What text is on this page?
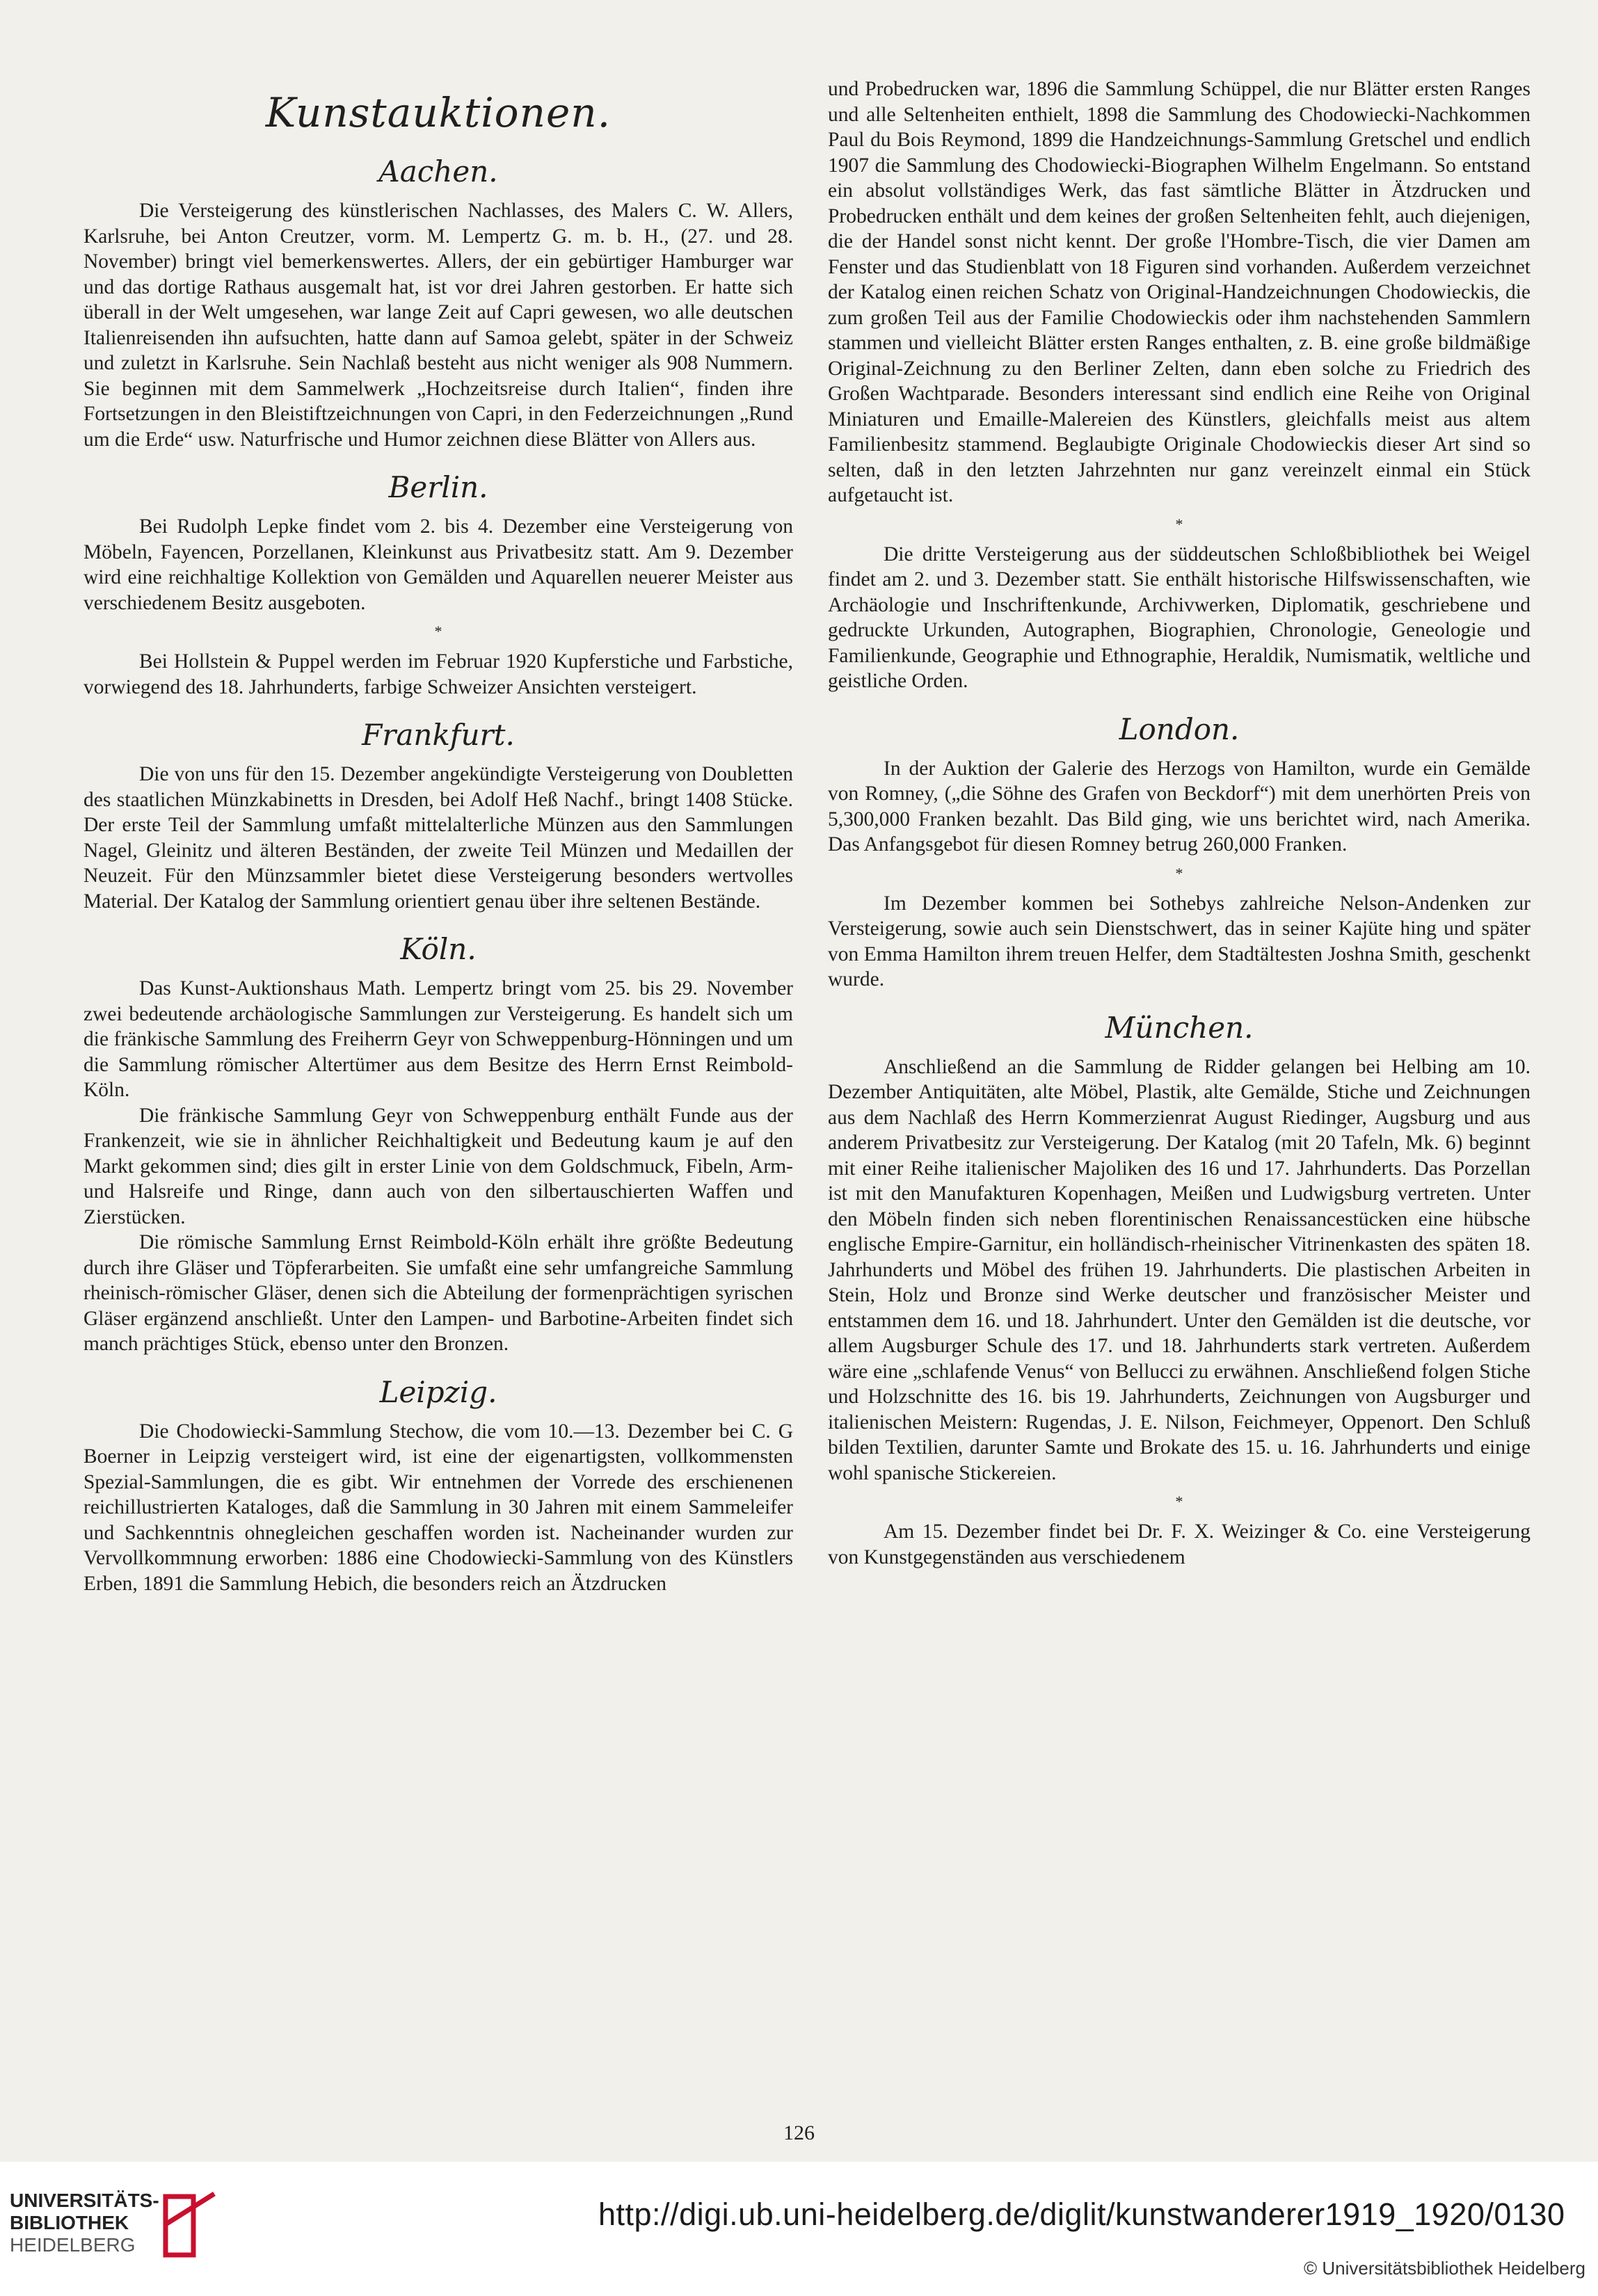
Kunstauktionen.
Aachen.

Die Versteigerung des künstlerischen Nachlasses, des Malers C. W. Allers, Karlsruhe, bei Anton Creutzer, vorm. M. Lempertz G. m. b. H., (27. und 28. November) bringt viel bemerkenswertes. Allers, der ein gebürtiger Hamburger war und das dortige Rathaus ausgemalt hat, ist vor drei Jahren gestorben. Er hatte sich überall in der Welt umgesehen, war lange Zeit auf Capri gewesen, wo alle deutschen Italienreisenden ihn aufsuchten, hatte dann auf Samoa gelebt, später in der Schweiz und zuletzt in Karlsruhe. Sein Nachlaß besteht aus nicht weniger als 908 Nummern. Sie beginnen mit dem Sammelwerk „Hochzeitsreise durch Italien“, finden ihre Fortsetzungen in den Bleistiftzeichnungen von Capri, in den Federzeichnungen „Rund um die Erde“ usw. Naturfrische und Humor zeichnen diese Blätter von Allers aus.

Berlin.

Bei Rudolph Lepke findet vom 2. bis 4. Dezember eine Versteigerung von Möbeln, Fayencen, Porzellanen, Kleinkunst aus Privatbesitz statt. Am 9. Dezember wird eine reichhaltige Kollektion von Gemälden und Aquarellen neuerer Meister aus verschiedenem Besitz ausgeboten.

*

Bei Hollstein & Puppel werden im Februar 1920 Kupferstiche und Farbstiche, vorwiegend des 18. Jahrhunderts, farbige Schweizer Ansichten versteigert.

Frankfurt.

Die von uns für den 15. Dezember angekündigte Versteigerung von Doubletten des staatlichen Münzkabinetts in Dresden, bei Adolf Heß Nachf., bringt 1408 Stücke. Der erste Teil der Sammlung umfaßt mittelalterliche Münzen aus den Sammlungen Nagel, Gleinitz und älteren Beständen, der zweite Teil Münzen und Medaillen der Neuzeit. Für den Münzsammler bietet diese Versteigerung besonders wertvolles Material. Der Katalog der Sammlung orientiert genau über ihre seltenen Bestände.

Köln.

Das Kunst-Auktionshaus Math. Lempertz bringt vom 25. bis 29. November zwei bedeutende archäologische Sammlungen zur Versteigerung. Es handelt sich um die fränkische Sammlung des Freiherrn Geyr von Schweppenburg-Hönningen und um die Sammlung römischer Altertümer aus dem Besitze des Herrn Ernst Reimbold-Köln.

Die fränkische Sammlung Geyr von Schweppenburg enthält Funde aus der Frankenzeit, wie sie in ähnlicher Reichhaltigkeit und Bedeutung kaum je auf den Markt gekommen sind; dies gilt in erster Linie von dem Goldschmuck, Fibeln, Arm- und Halsreife und Ringe, dann auch von den silbertauschierten Waffen und Zierstücken.

Die römische Sammlung Ernst Reimbold-Köln erhält ihre größte Bedeutung durch ihre Gläser und Töpferarbeiten. Sie umfaßt eine sehr umfangreiche Sammlung rheinisch-römischer Gläser, denen sich die Abteilung der formenprächtigen syrischen Gläser ergänzend anschließt. Unter den Lampen- und Barbotine-Arbeiten findet sich manch prächtiges Stück, ebenso unter den Bronzen.

Leipzig.

Die Chodowiecki-Sammlung Stechow, die vom 10.—13. Dezember bei C. G Boerner in Leipzig versteigert wird, ist eine der eigenartigsten, vollkommensten Spezial-Sammlungen, die es gibt. Wir entnehmen der Vorrede des erschienenen reichillustrierten Kataloges, daß die Sammlung in 30 Jahren mit einem Sammeleifer und Sachkenntnis ohnegleichen geschaffen worden ist. Nacheinander wurden zur Vervollkommnung erworben: 1886 eine Chodowiecki-Sammlung von des Künstlers Erben, 1891 die Sammlung Hebich, die besonders reich an Ätzdrucken

und Probedrucken war, 1896 die Sammlung Schüppel, die nur Blätter ersten Ranges und alle Seltenheiten enthielt, 1898 die Sammlung des Chodowiecki-Nachkommen Paul du Bois Reymond, 1899 die Handzeichnungs-Sammlung Gretschel und endlich 1907 die Sammlung des Chodowiecki-Biographen Wilhelm Engelmann. So entstand ein absolut vollständiges Werk, das fast sämtliche Blätter in Ätzdrucken und Probedrucken enthält und dem keines der großen Seltenheiten fehlt, auch diejenigen, die der Handel sonst nicht kennt. Der große l'Hombre-Tisch, die vier Damen am Fenster und das Studienblatt von 18 Figuren sind vorhanden. Außerdem verzeichnet der Katalog einen reichen Schatz von Original-Handzeichnungen Chodowieckis, die zum großen Teil aus der Familie Chodowieckis oder ihm nachstehenden Sammlern stammen und vielleicht Blätter ersten Ranges enthalten, z. B. eine große bildmäßige Original-Zeichnung zu den Berliner Zelten, dann eben solche zu Friedrich des Großen Wachtparade. Besonders interessant sind endlich eine Reihe von Original Miniaturen und Emaille-Malereien des Künstlers, gleichfalls meist aus altem Familienbesitz stammend. Beglaubigte Originale Chodowieckis dieser Art sind so selten, daß in den letzten Jahrzehnten nur ganz vereinzelt einmal ein Stück aufgetaucht ist.

*

Die dritte Versteigerung aus der süddeutschen Schloßbibliothek bei Weigel findet am 2. und 3. Dezember statt. Sie enthält historische Hilfswissenschaften, wie Archäologie und Inschriftenkunde, Archivwerken, Diplomatik, geschriebene und gedruckte Urkunden, Autographen, Biographien, Chronologie, Geneologie und Familienkunde, Geographie und Ethnographie, Heraldik, Numismatik, weltliche und geistliche Orden.

London.

In der Auktion der Galerie des Herzogs von Hamilton, wurde ein Gemälde von Romney, („die Söhne des Grafen von Beckdorf“) mit dem unerhörten Preis von 5,300,000 Franken bezahlt. Das Bild ging, wie uns berichtet wird, nach Amerika. Das Anfangsgebot für diesen Romney betrug 260,000 Franken.

*

Im Dezember kommen bei Sothebys zahlreiche Nelson-Andenken zur Versteigerung, sowie auch sein Dienstschwert, das in seiner Kajüte hing und später von Emma Hamilton ihrem treuen Helfer, dem Stadtältesten Joshna Smith, geschenkt wurde.

München.

Anschließend an die Sammlung de Ridder gelangen bei Helbing am 10. Dezember Antiquitäten, alte Möbel, Plastik, alte Gemälde, Stiche und Zeichnungen aus dem Nachlaß des Herrn Kommerzienrat August Riedinger, Augsburg und aus anderem Privatbesitz zur Versteigerung. Der Katalog (mit 20 Tafeln, Mk. 6) beginnt mit einer Reihe italienischer Majoliken des 16 und 17. Jahrhunderts. Das Porzellan ist mit den Manufakturen Kopenhagen, Meißen und Ludwigsburg vertreten. Unter den Möbeln finden sich neben florentinischen Renaissancestücken eine hübsche englische Empire-Garnitur, ein holländisch-rheinischer Vitrinenkasten des späten 18. Jahrhunderts und Möbel des frühen 19. Jahrhunderts. Die plastischen Arbeiten in Stein, Holz und Bronze sind Werke deutscher und französischer Meister und entstammen dem 16. und 18. Jahrhundert. Unter den Gemälden ist die deutsche, vor allem Augsburger Schule des 17. und 18. Jahrhunderts stark vertreten. Außerdem wäre eine „schlafende Venus“ von Bellucci zu erwähnen. Anschließend folgen Stiche und Holzschnitte des 16. bis 19. Jahrhunderts, Zeichnungen von Augsburger und italienischen Meistern: Rugendas, J. E. Nilson, Feichmeyer, Oppenort. Den Schluß bilden Textilien, darunter Samte und Brokate des 15. u. 16. Jahrhunderts und einige wohl spanische Stickereien.

*

Am 15. Dezember findet bei Dr. F. X. Weizinger & Co. eine Versteigerung von Kunstgegenständen aus verschiedenem

126
UNIVERSITÄTS-
BIBLIOTHEK
HEIDELBERG
http://digi.ub.uni-heidelberg.de/diglit/kunstwanderer1919_1920/0130
© Universitätsbibliothek Heidelberg
